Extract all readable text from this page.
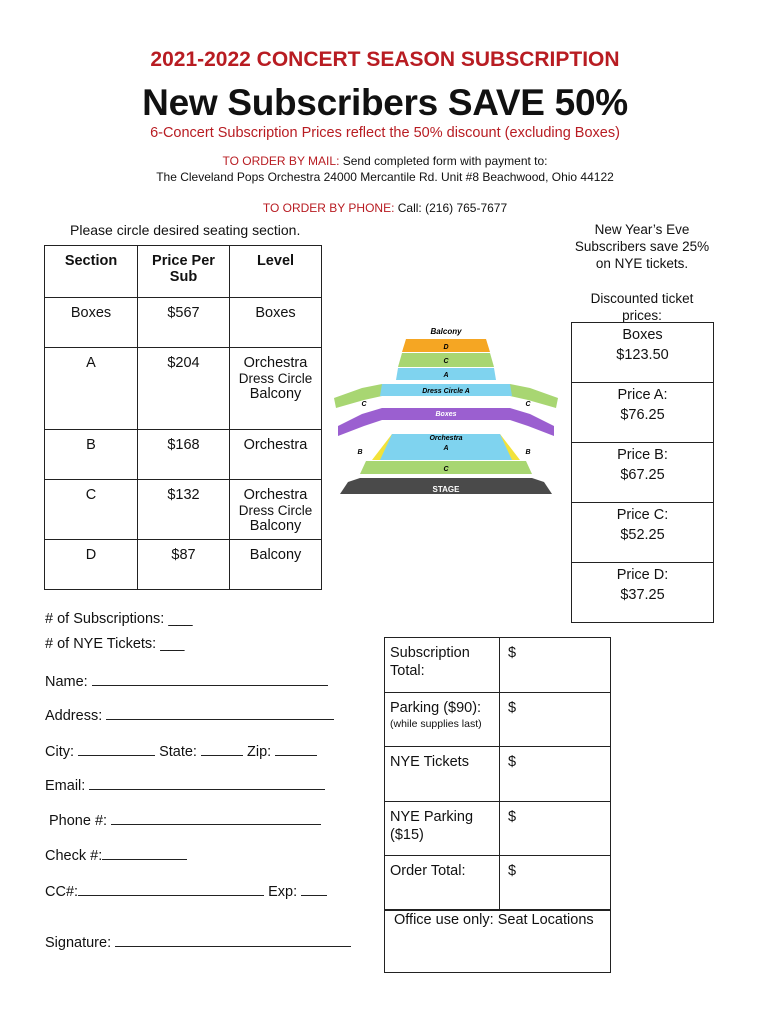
2021-2022 CONCERT SEASON SUBSCRIPTION
New Subscribers SAVE 50%
6-Concert Subscription Prices reflect the 50% discount (excluding Boxes)
TO ORDER BY MAIL: Send completed form with payment to:
The Cleveland Pops Orchestra 24000 Mercantile Rd. Unit #8 Beachwood, Ohio 44122
TO ORDER BY PHONE: Call: (216) 765-7677
Please circle desired seating section.
Section	Price Per Sub	Level
Boxes	$567	Boxes

A	$204	Orchestra
Dress Circle
Balcony

B	$168	Orchestra

C	$132	Orchestra
Dress Circle
Balcony

D	$87	Balcony
Balcony
D
C
A
Dress Circle A
C	C
Boxes
Orchestra
A
B	B
C
STAGE
New Year’s Eve
Subscribers save 25%
on NYE tickets.
Discounted ticket
prices:
Boxes
$123.50

Price A:
$76.25

Price B:
$67.25

Price C:
$52.25

Price D:
$37.25
# of Subscriptions: ___
# of NYE Tickets: ___
Name:
Address:
City:	State:	Zip:
Email:
Phone #:
Check #:
CC#:	Exp:
Signature:
Subscription Total:	$
Parking ($90):
(while supplies last)	$
NYE Tickets	$
NYE Parking ($15)	$
Order Total:	$
Office use only: Seat Locations
